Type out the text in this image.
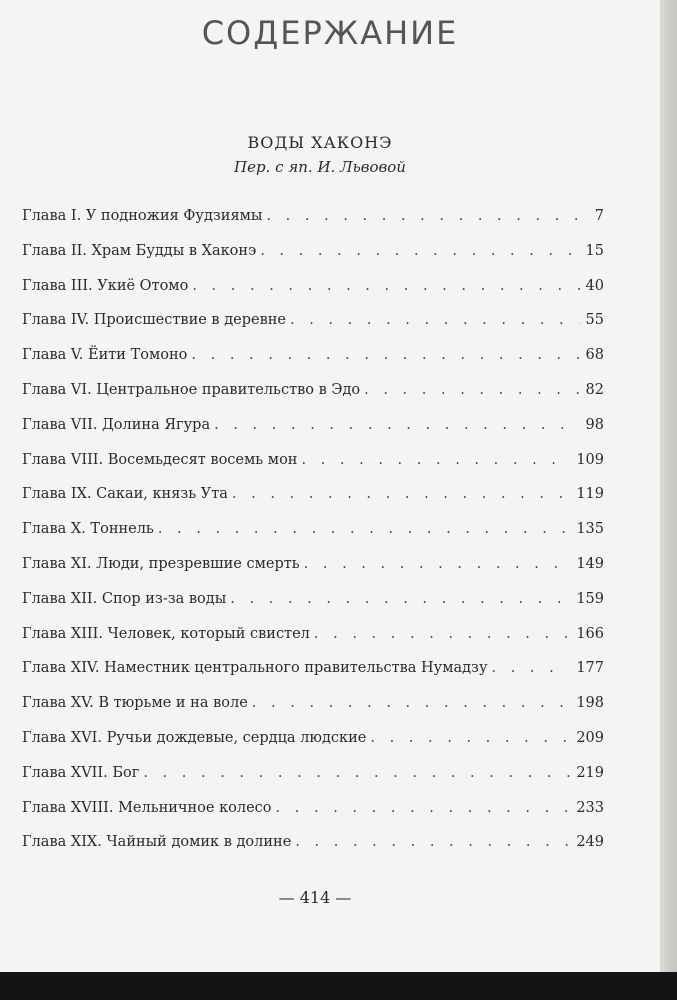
СОДЕРЖАНИЕ
ВОДЫ ХАКОНЭ
Пер. с яп. И. Львовой
Глава I. У подножия Фудзиямы . . .	7
Глава II. Храм Будды в Хаконэ . . .	15
Глава III. Укиё Отомо . . .	40
Глава IV. Происшествие в деревне . . .	55
Глава V. Ёити Томоно . . .	68
Глава VI. Центральное правительство в Эдо . . .	82
Глава VII. Долина Ягура . . .	98
Глава VIII. Восемьдесят восемь мон . . .	109
Глава IX. Сакаи, князь Ута . . .	119
Глава X. Тоннель . . .	135
Глава XI. Люди, презревшие смерть . . .	149
Глава XII. Спор из-за воды . . .	159
Глава XIII. Человек, который свистел . . .	166
Глава XIV. Наместник центрального правительства Нумадзу . . .	177
Глава XV. В тюрьме и на воле . . .	198
Глава XVI. Ручьи дождевые, сердца людские . . .	209
Глава XVII. Бог . . .	219
Глава XVIII. Мельничное колесо . . .	233
Глава XIX. Чайный домик в долине . . .	249
— 414 —
